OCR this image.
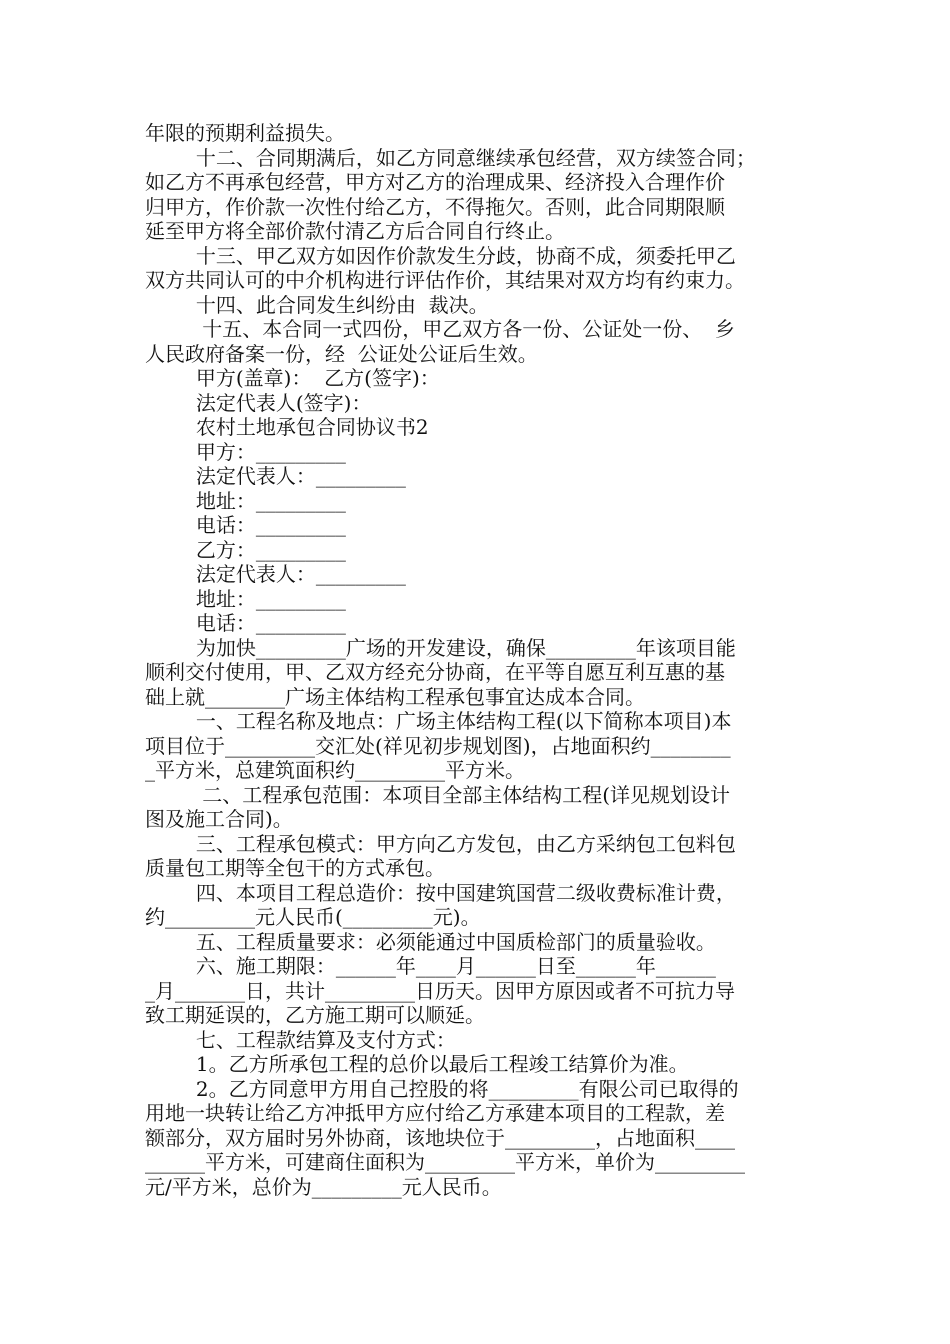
年限的预期利益损失。
十二、合同期满后，如乙方同意继续承包经营，双方续签合同；
如乙方不再承包经营，甲方对乙方的治理成果、经济投入合理作价
归甲方，作价款一次性付给乙方，不得拖欠。否则，此合同期限顺
延至甲方将全部价款付清乙方后合同自行终止。
十三、甲乙双方如因作价款发生分歧，协商不成，须委托甲乙
双方共同认可的中介机构进行评估作价，其结果对双方均有约束力。
十四、此合同发生纠纷由  裁决。
十五、本合同一式四份，甲乙双方各一份、公证处一份、  乡
人民政府备案一份，经  公证处公证后生效。
甲方(盖章)：  乙方(签字)：
法定代表人(签字)：
农村土地承包合同协议书2
甲方：_________
法定代表人：_________
地址：_________
电话：_________
乙方：_________
法定代表人：_________
地址：_________
电话：_________
为加快_________广场的开发建设，确保_________年该项目能
顺利交付使用，甲、乙双方经充分协商，在平等自愿互利互惠的基
础上就________广场主体结构工程承包事宜达成本合同。
一、工程名称及地点：广场主体结构工程(以下简称本项目)本
项目位于_________交汇处(祥见初步规划图)，占地面积约________
_平方米，总建筑面积约_________平方米。
二、工程承包范围：本项目全部主体结构工程(详见规划设计
图及施工合同)。
三、工程承包模式：甲方向乙方发包，由乙方采纳包工包料包
质量包工期等全包干的方式承包。
四、本项目工程总造价：按中国建筑国营二级收费标准计费，
约_________元人民币(_________元)。
五、工程质量要求：必须能通过中国质检部门的质量验收。
六、施工期限：______年____月______日至______年______
_月_______日，共计_________日历天。因甲方原因或者不可抗力导
致工期延误的，乙方施工期可以顺延。
七、工程款结算及支付方式：
1。乙方所承包工程的总价以最后工程竣工结算价为准。
2。乙方同意甲方用自己控股的将_________有限公司已取得的
用地一块转让给乙方冲抵甲方应付给乙方承建本项目的工程款，差
额部分，双方届时另外协商，该地块位于_________，占地面积____
______平方米，可建商住面积为_________平方米，单价为_________
元/平方米，总价为_________元人民币。
